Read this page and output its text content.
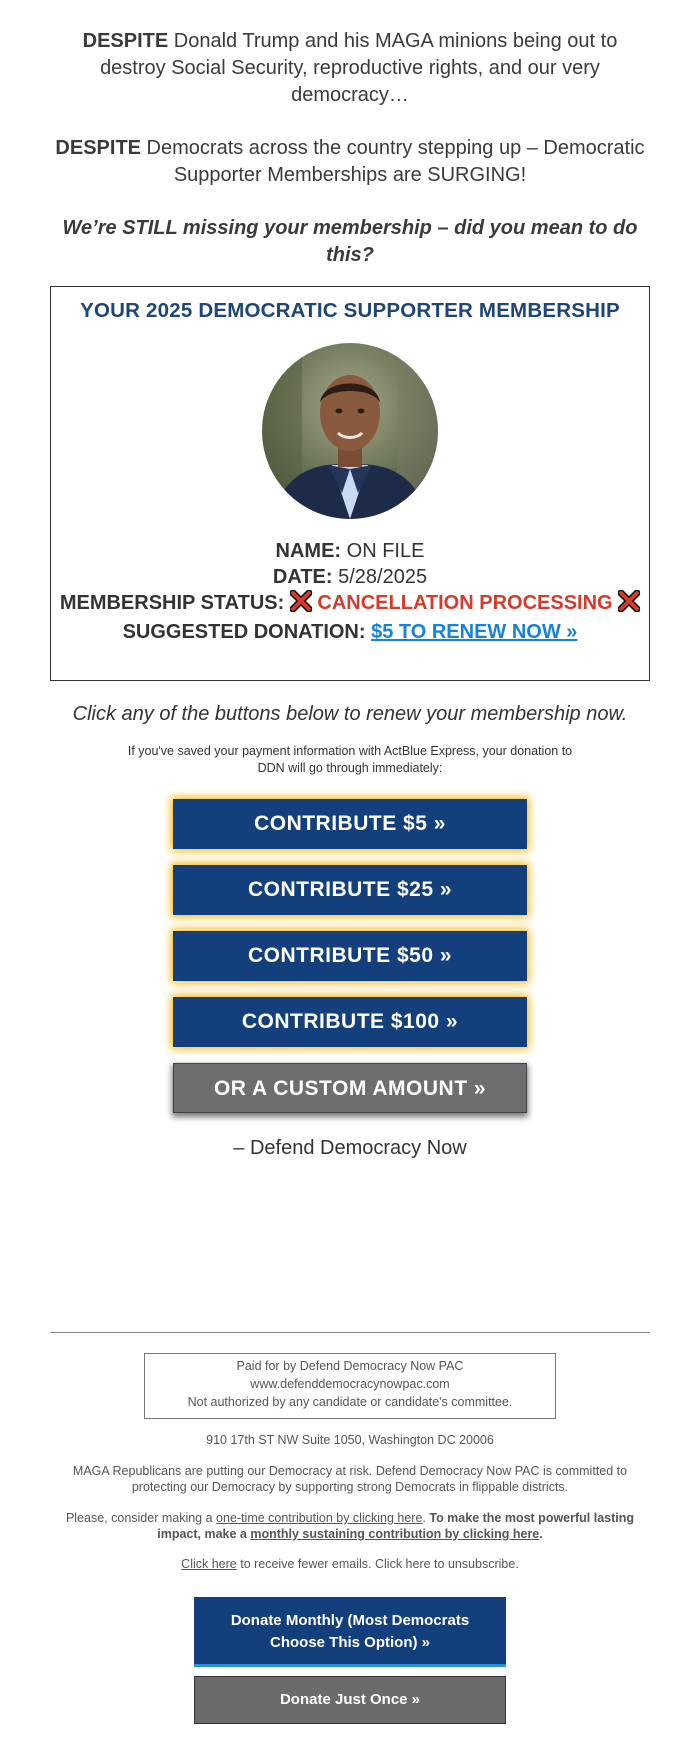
DESPITE Donald Trump and his MAGA minions being out to destroy Social Security, reproductive rights, and our very democracy…

DESPITE Democrats across the country stepping up – Democratic Supporter Memberships are SURGING!

We’re STILL missing your membership – did you mean to do this?

YOUR 2025 DEMOCRATIC SUPPORTER MEMBERSHIP
NAME: ON FILE
DATE: 5/28/2025
MEMBERSHIP STATUS: CANCELLATION PROCESSING
SUGGESTED DONATION: $5 TO RENEW NOW »
Click any of the buttons below to renew your membership now.
If you've saved your payment information with ActBlue Express, your donation to DDN will go through immediately:
CONTRIBUTE $5 »
CONTRIBUTE $25 »
CONTRIBUTE $50 »
CONTRIBUTE $100 »
OR A CUSTOM AMOUNT »
– Defend Democracy Now
Paid for by Defend Democracy Now PAC
www.defenddemocracynowpac.com
Not authorized by any candidate or candidate's committee.
910 17th ST NW Suite 1050, Washington DC 20006
MAGA Republicans are putting our Democracy at risk. Defend Democracy Now PAC is committed to protecting our Democracy by supporting strong Democrats in flippable districts.
Please, consider making a one-time contribution by clicking here. To make the most powerful lasting impact, make a monthly sustaining contribution by clicking here.
Click here to receive fewer emails. Click here to unsubscribe.
Donate Monthly (Most Democrats
Choose This Option) »
Donate Just Once »
